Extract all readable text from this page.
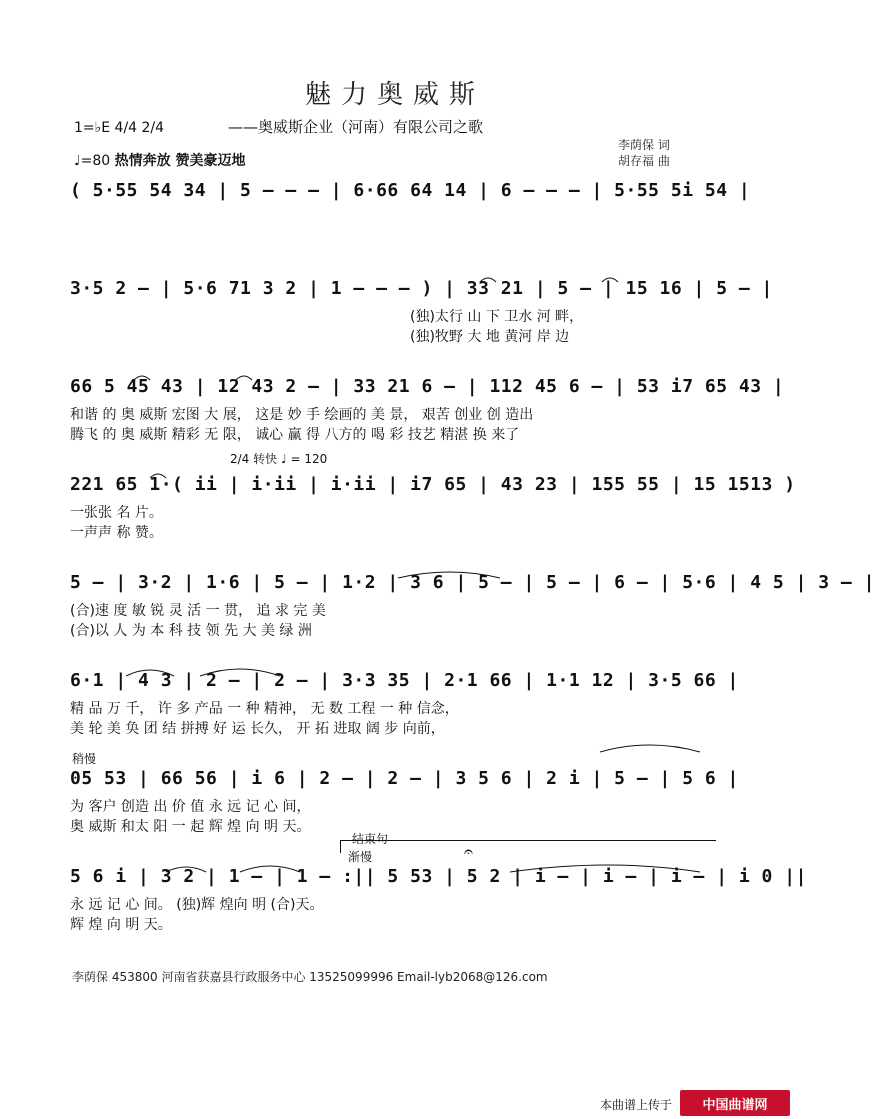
魅力奥威斯
——奥威斯企业（河南）有限公司之歌
李荫保 词
胡存福 曲
1=♭E 4/4 2/4
♩=80 热情奔放 赞美豪迈地
( 5·55 54 34 | 5 – – – | 6·66 64 14 | 6 – – – | 5·55 5i 54 |
3·5 2 – | 5·6 71 3 2 | 1 – – – ) | 33 21 | 5 – | 15 16 | 5 – |
(独)太行 山 下 卫水 河 畔，
(独)牧野 大 地 黄河 岸 边
66 5 45 43 | 12 43 2 – | 33 21 6 – | 112 45 6 – | 53 i7 65 43 |
和谐 的 奥 威斯 宏图 大 展， 这是 妙 手 绘画的 美 景， 艰苦 创业 创 造出
腾飞 的 奥 威斯 精彩 无 限， 诚心 赢 得 八方的 喝 彩 技艺 精湛 换 来了
2/4 转快 ♩ = 120
221 65 1·( ii | i·ii | i·ii | i7 65 | 43 23 | 155 55 | 15 1513 )
一张张 名 片。
一声声 称 赞。
5 – | 3·2 | 1·6 | 5 – | 1·2 | 3 6 | 5 – | 5 – | 6 – | 5·6 | 4 5 | 3 – |
(合)速 度 敏 锐 灵 活 一 贯， 追 求 完 美
(合)以 人 为 本 科 技 领 先 大 美 绿 洲
6·1 | 4 3 | 2 – | 2 – | 3·3 35 | 2·1 66 | 1·1 12 | 3·5 66 |
精 品 万 千， 许 多 产品 一 种 精神， 无 数 工程 一 种 信念，
美 轮 美 奂 团 结 拼搏 好 运 长久， 开 拓 进取 阔 步 向前，
稍慢
05 53 | 66 56 | i 6 | 2 – | 2 – | 3 5 6 | 2 i | 5 – | 5 6 |
为 客户 创造 出 价 值 永 远 记 心 间，
奥 威斯 和太 阳 一 起 辉 煌 向 明 天。
结束句
渐慢	𝄐
5 6 i | 3 2 | 1 – | 1 – :|| 5 53 | 5 2 | i – | i – | i – | i 0 ||
永 远 记 心 间。 (独)辉 煌向 明 (合)天。
辉 煌 向 明 天。
李荫保 453800 河南省获嘉县行政服务中心 13525099996 Email-lyb2068@126.com
本曲谱上传于	中国曲谱网
